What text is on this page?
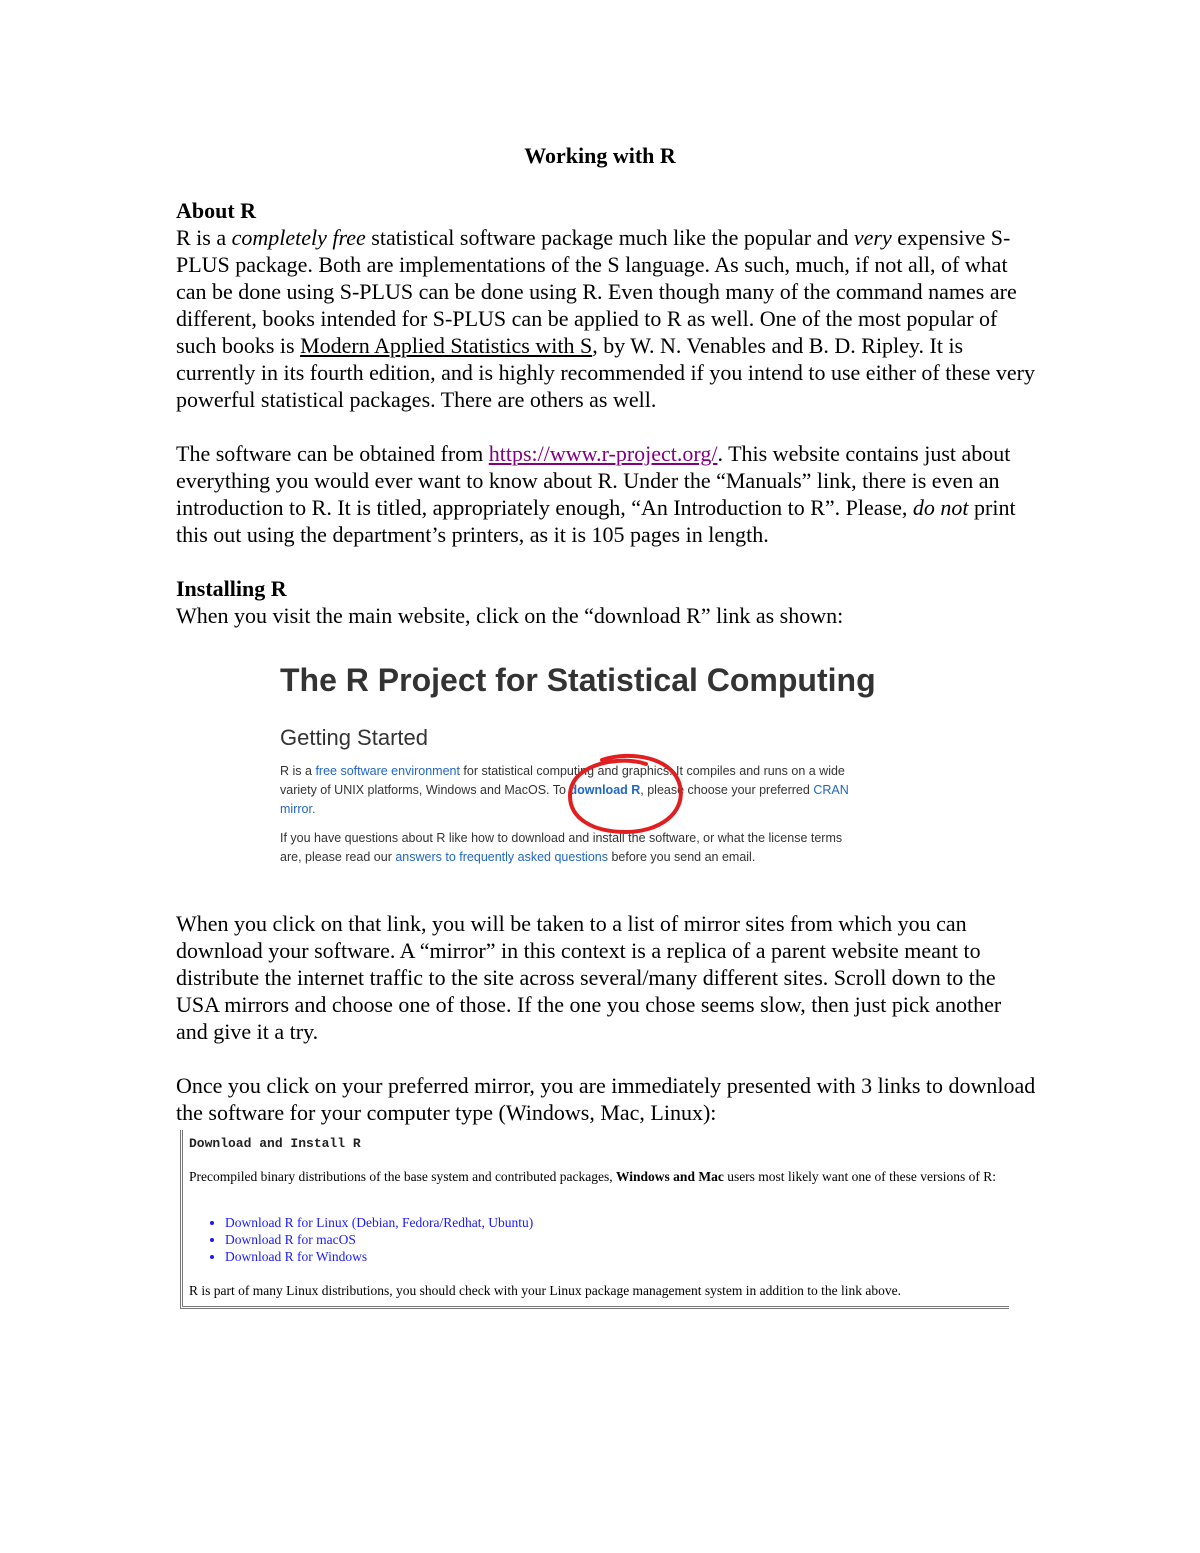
Working with R
About R
R is a completely free statistical software package much like the popular and very expensive S-PLUS package. Both are implementations of the S language. As such, much, if not all, of what can be done using S-PLUS can be done using R. Even though many of the command names are different, books intended for S-PLUS can be applied to R as well. One of the most popular of such books is Modern Applied Statistics with S, by W. N. Venables and B. D. Ripley. It is currently in its fourth edition, and is highly recommended if you intend to use either of these very powerful statistical packages. There are others as well.
The software can be obtained from https://www.r-project.org/. This website contains just about everything you would ever want to know about R. Under the “Manuals” link, there is even an introduction to R. It is titled, appropriately enough, “An Introduction to R”. Please, do not print this out using the department’s printers, as it is 105 pages in length.
Installing R
When you visit the main website, click on the “download R” link as shown:
The R Project for Statistical Computing
Getting Started
R is a free software environment for statistical computing and graphics. It compiles and runs on a wide
variety of UNIX platforms, Windows and MacOS. To download R, please choose your preferred CRAN
mirror.
If you have questions about R like how to download and install the software, or what the license terms
are, please read our answers to frequently asked questions before you send an email.
When you click on that link, you will be taken to a list of mirror sites from which you can download your software. A “mirror” in this context is a replica of a parent website meant to distribute the internet traffic to the site across several/many different sites. Scroll down to the USA mirrors and choose one of those. If the one you chose seems slow, then just pick another and give it a try.
Once you click on your preferred mirror, you are immediately presented with 3 links to download the software for your computer type (Windows, Mac, Linux):
Download and Install R
Precompiled binary distributions of the base system and contributed packages, Windows and Mac users most likely want one of these versions of R:
• Download R for Linux (Debian, Fedora/Redhat, Ubuntu)
• Download R for macOS
• Download R for Windows
R is part of many Linux distributions, you should check with your Linux package management system in addition to the link above.
